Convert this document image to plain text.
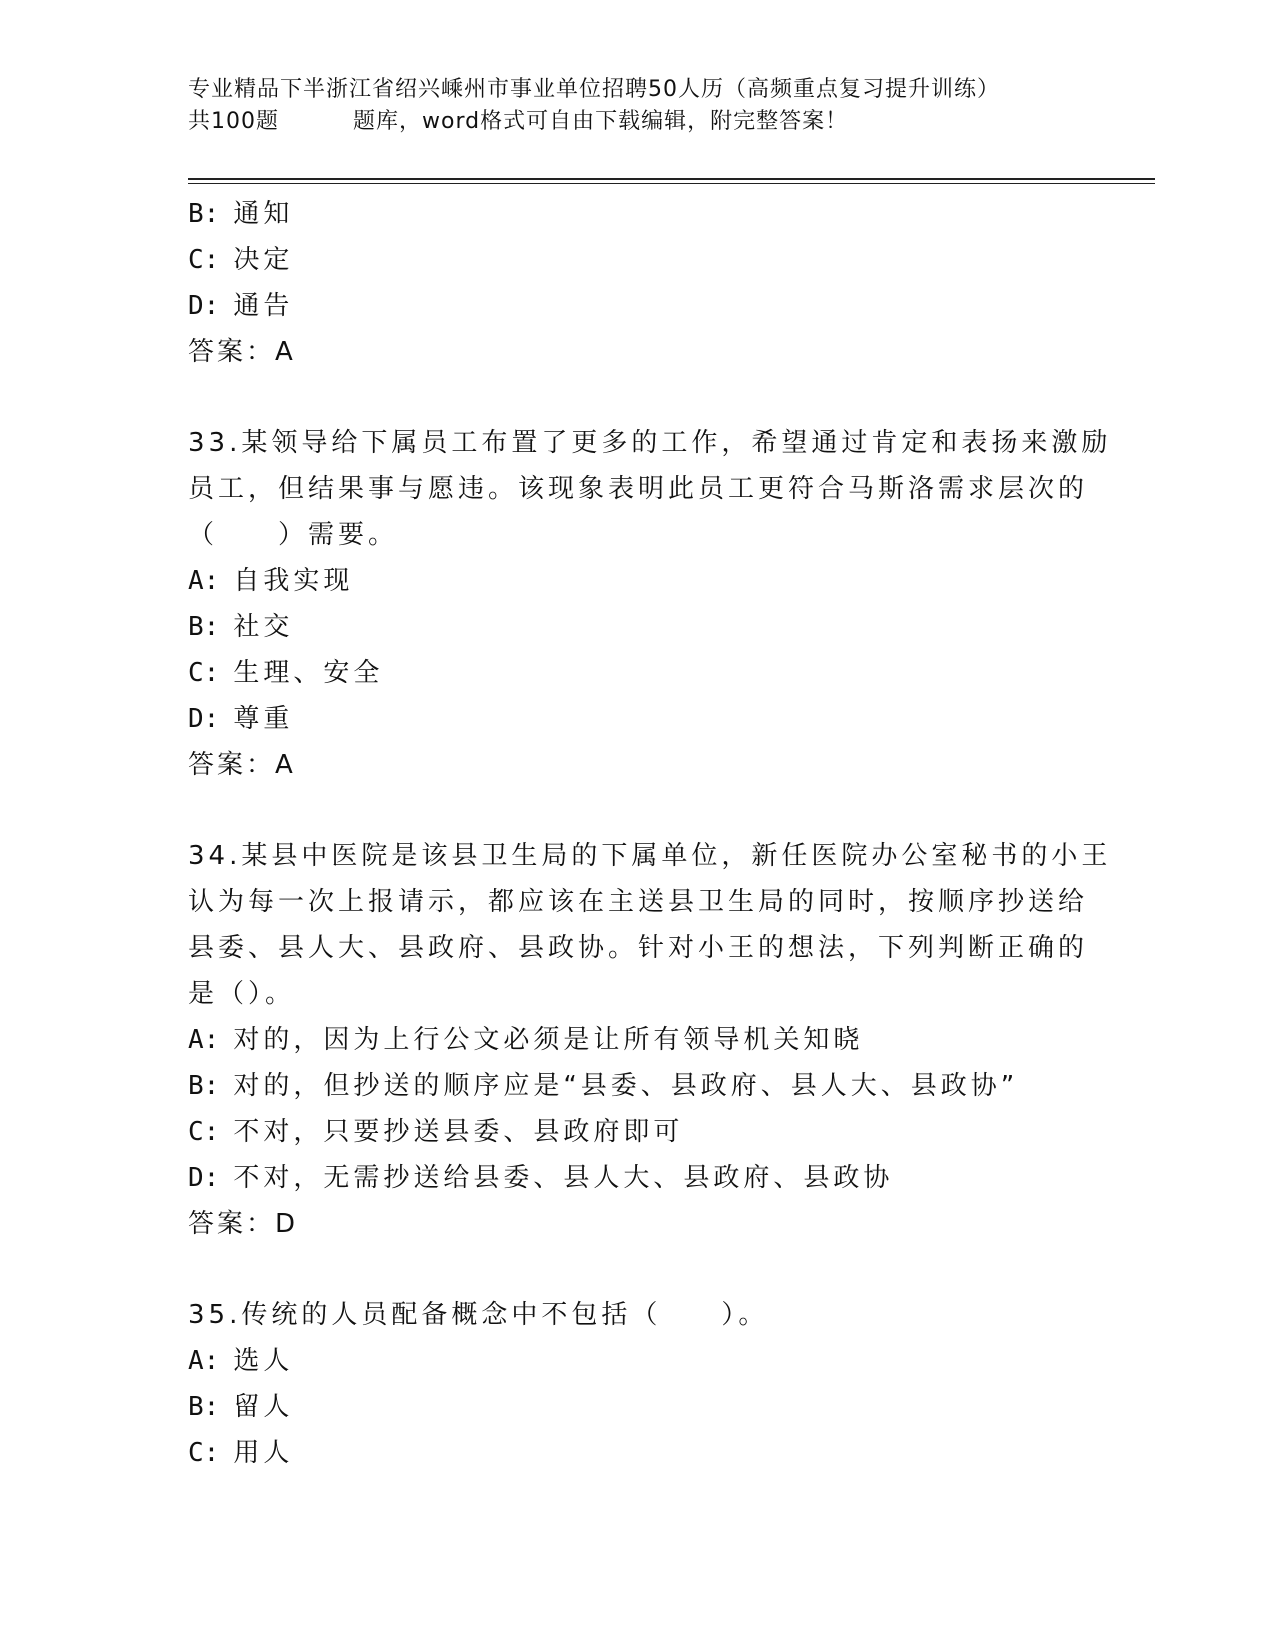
专业精品下半浙江省绍兴嵊州市事业单位招聘50人历（高频重点复习提升训练）
共100题	题库，word格式可自由下载编辑，附完整答案！
B: 通知
C: 决定
D: 通告
答案：A
33.某领导给下属员工布置了更多的工作，希望通过肯定和表扬来激励
员工，但结果事与愿违。该现象表明此员工更符合马斯洛需求层次的
（　　）需要。
A: 自我实现
B: 社交
C: 生理、安全
D: 尊重
答案：A
34.某县中医院是该县卫生局的下属单位，新任医院办公室秘书的小王
认为每一次上报请示，都应该在主送县卫生局的同时，按顺序抄送给
县委、县人大、县政府、县政协。针对小王的想法，下列判断正确的
是（）。
A: 对的，因为上行公文必须是让所有领导机关知晓
B: 对的，但抄送的顺序应是“县委、县政府、县人大、县政协”
C: 不对，只要抄送县委、县政府即可
D: 不对，无需抄送给县委、县人大、县政府、县政协
答案：D
35.传统的人员配备概念中不包括（　　）。
A: 选人
B: 留人
C: 用人
